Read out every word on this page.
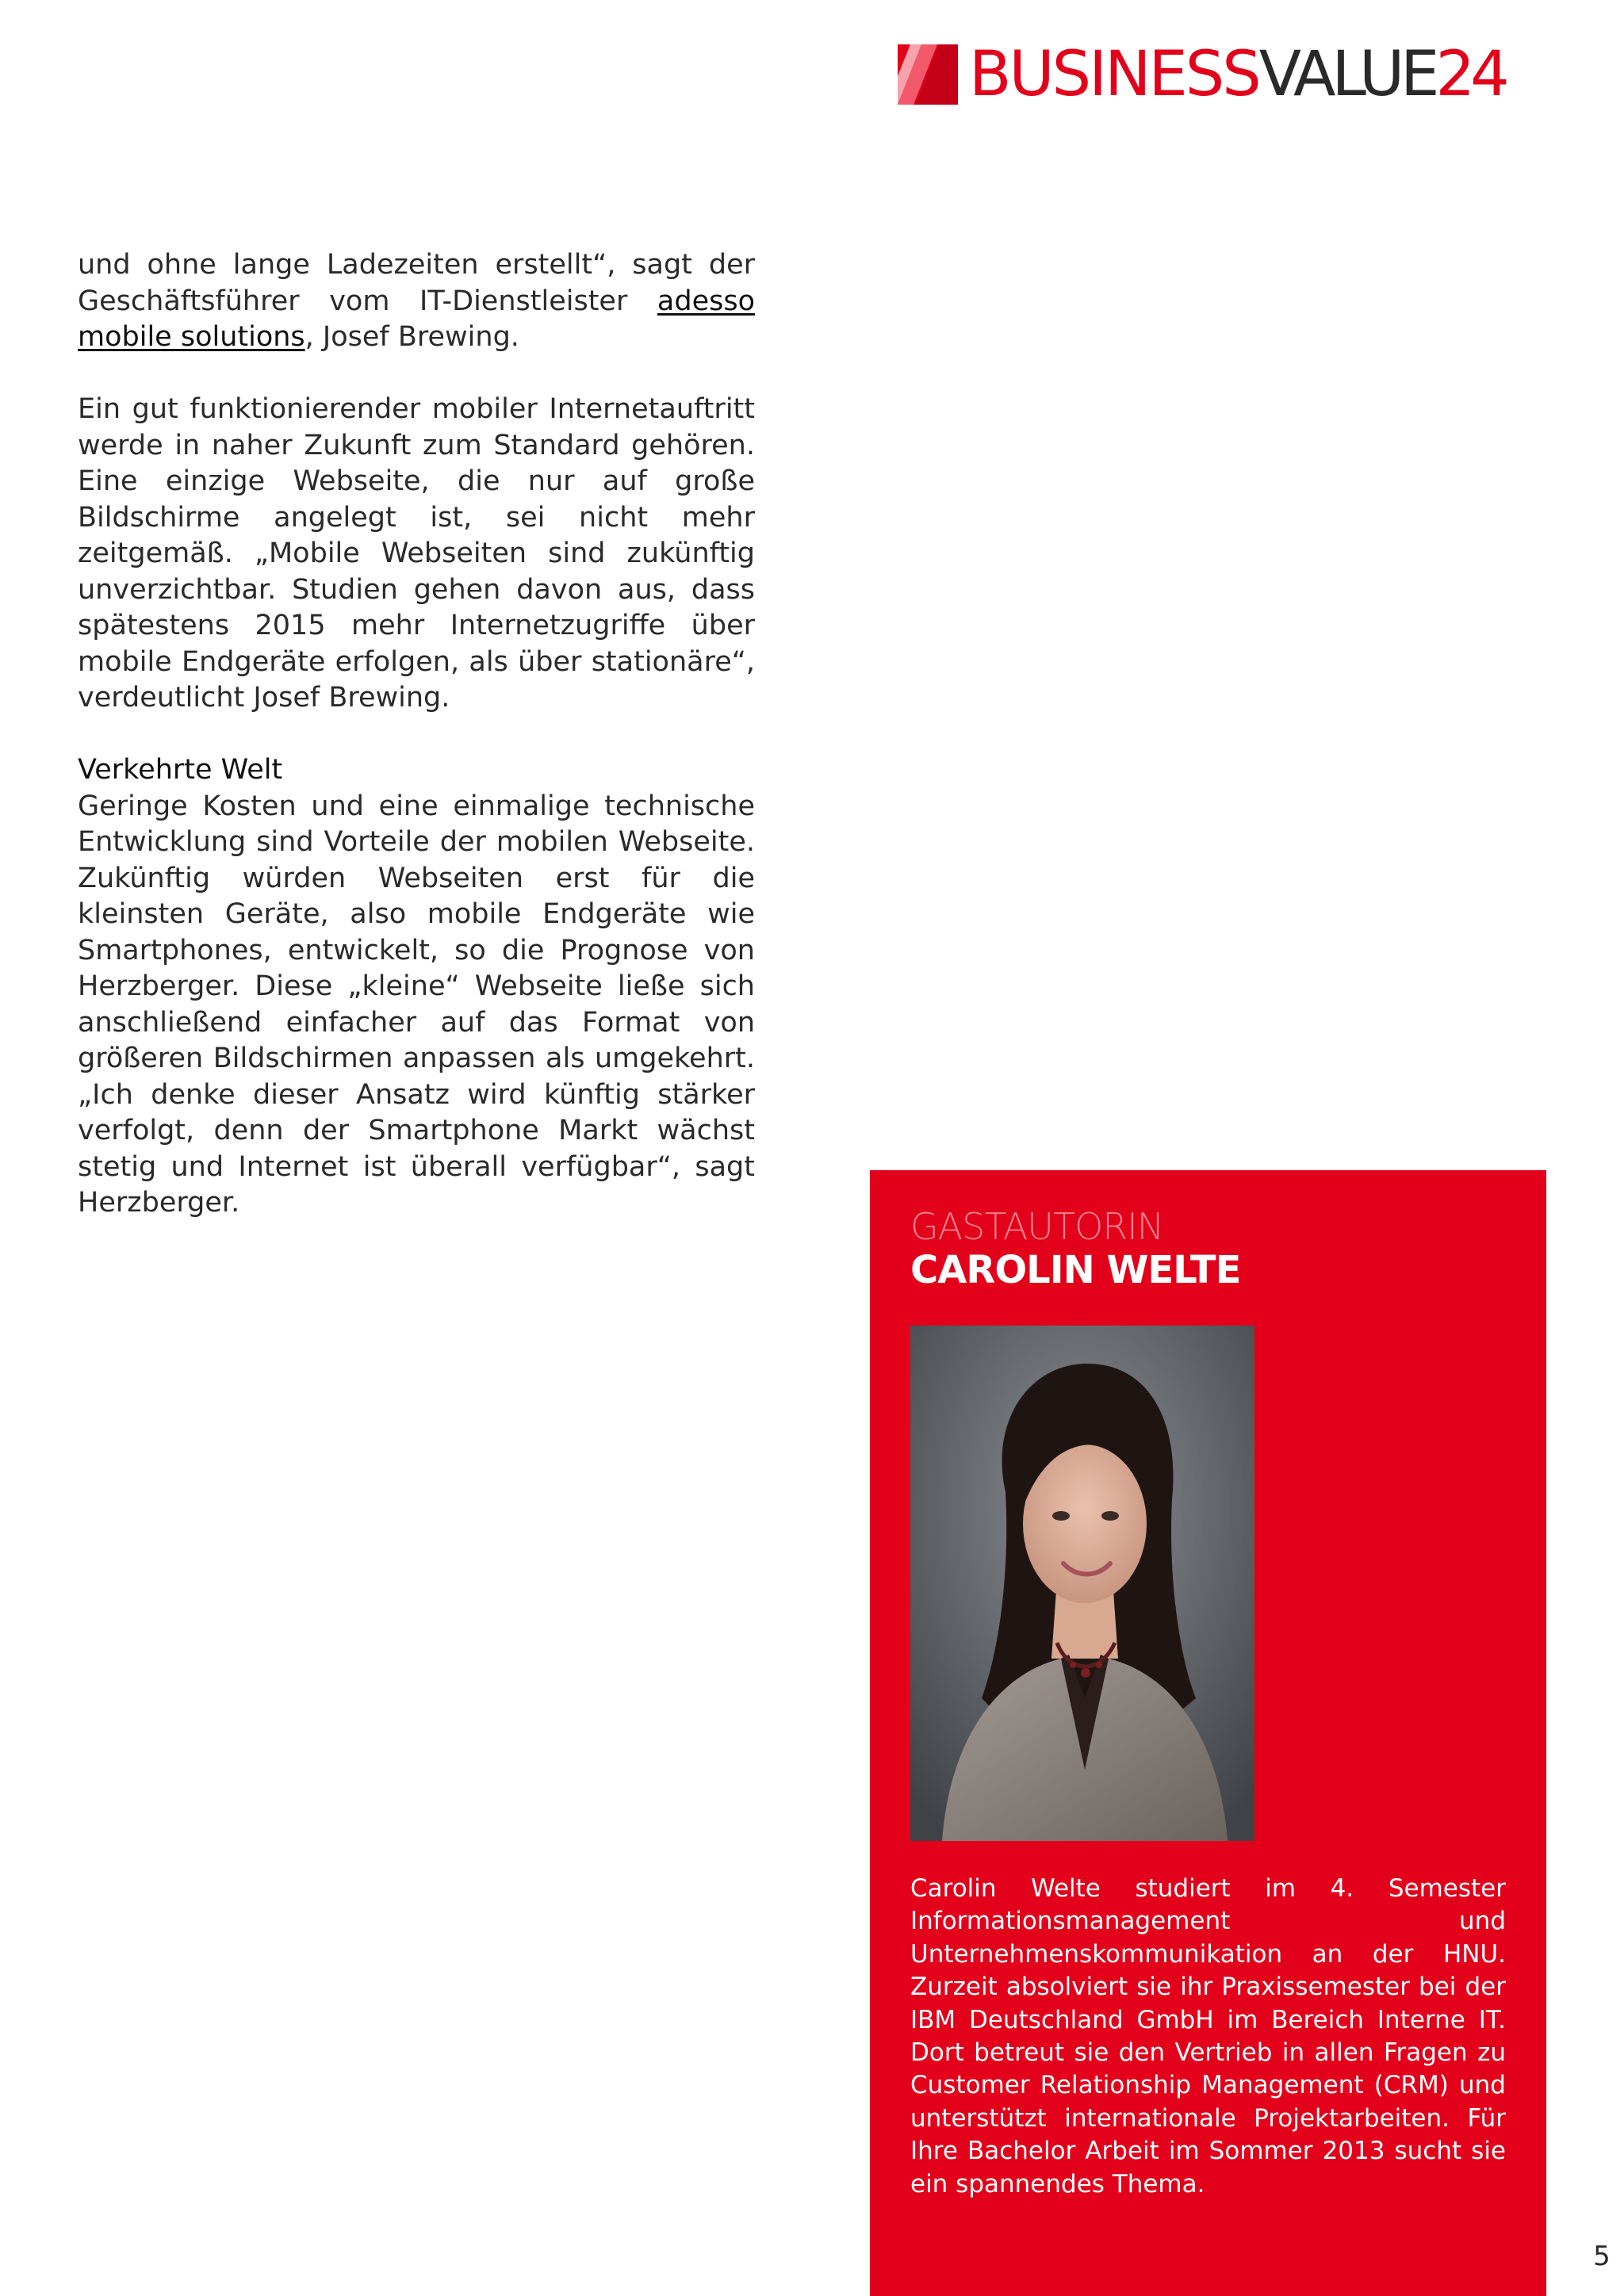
BUSINESSVALUE24

und ohne lange Ladezeiten erstellt“, sagt der Geschäftsführer vom IT-Dienstleister adesso mobile solutions, Josef Brewing.

Ein gut funktionierender mobiler Internetauftritt werde in naher Zukunft zum Standard gehören. Eine einzige Webseite, die nur auf große Bildschirme angelegt ist, sei nicht mehr zeitgemäß. „Mobile Webseiten sind zukünftig unverzichtbar. Studien gehen davon aus, dass spätestens 2015 mehr Internetzugriffe über mobile Endgeräte erfolgen, als über stationäre“, verdeutlicht Josef Brewing.

Verkehrte Welt
Geringe Kosten und eine einmalige technische Entwicklung sind Vorteile der mobilen Webseite. Zukünftig würden Webseiten erst für die kleinsten Geräte, also mobile Endgeräte wie Smartphones, entwickelt, so die Prognose von Herzberger. Diese „kleine“ Webseite ließe sich anschließend einfacher auf das Format von größeren Bildschirmen anpassen als umgekehrt. „Ich denke dieser Ansatz wird künftig stärker verfolgt, denn der Smartphone Markt wächst stetig und Internet ist überall verfügbar“, sagt Herzberger.

GASTAUTORIN
CAROLIN WELTE
Carolin Welte studiert im 4. Semester Informationsmanagement und Unternehmenskommunikation an der HNU. Zurzeit absolviert sie ihr Praxissemester bei der IBM Deutschland GmbH im Bereich Interne IT. Dort betreut sie den Vertrieb in allen Fragen zu Customer Relationship Management (CRM) und unterstützt internationale Projektarbeiten. Für Ihre Bachelor Arbeit im Sommer 2013 sucht sie ein spannendes Thema.
5
